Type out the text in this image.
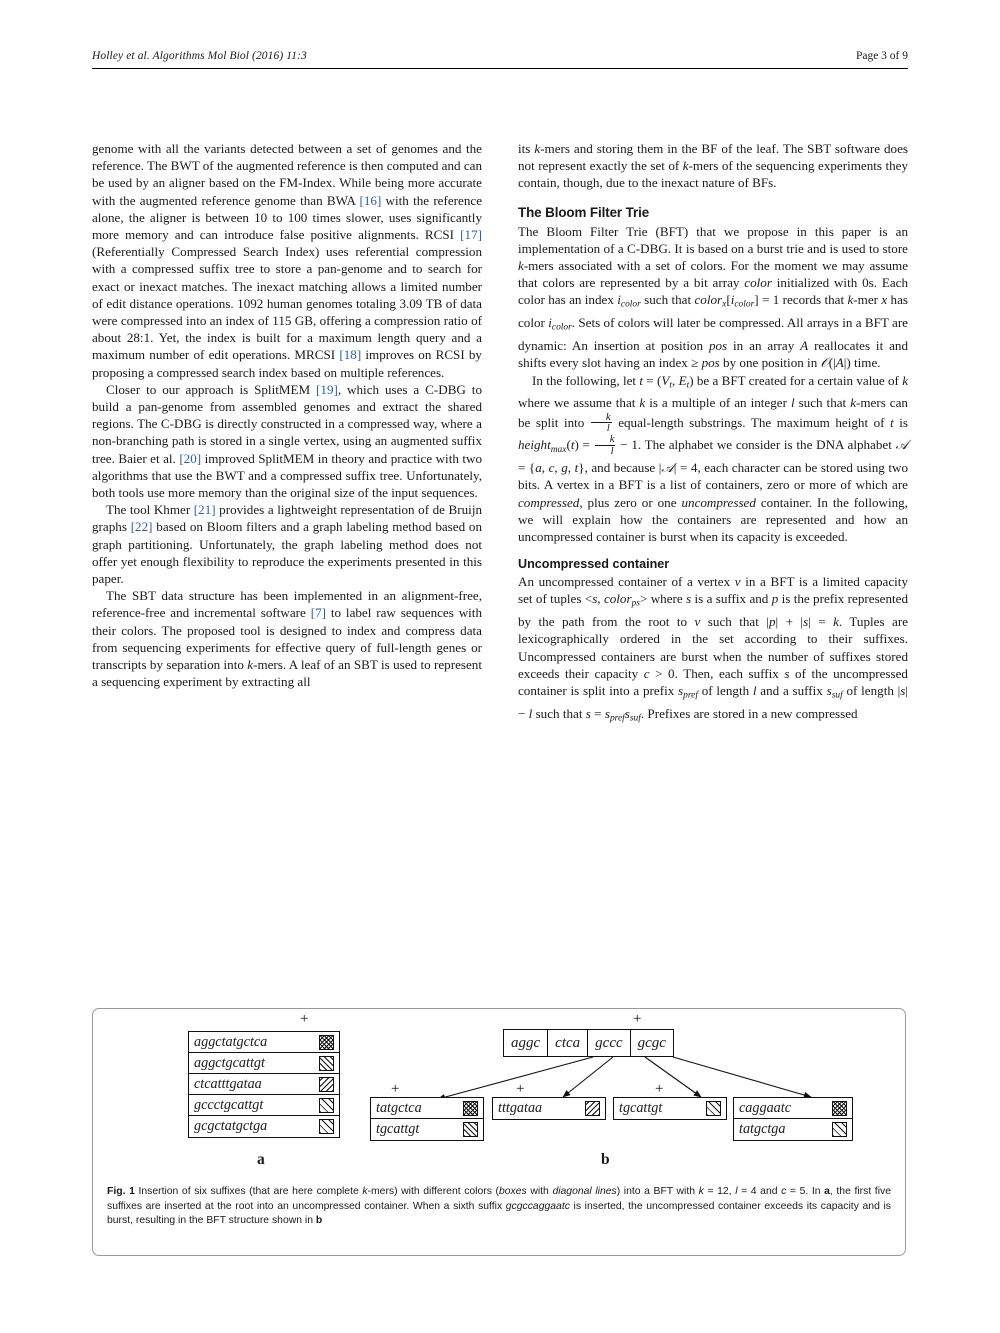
Holley et al. Algorithms Mol Biol (2016) 11:3	Page 3 of 9

genome with all the variants detected between a set of genomes and the reference. The BWT of the augmented reference is then computed and can be used by an aligner based on the FM-Index. While being more accurate with the augmented reference genome than BWA [16] with the reference alone, the aligner is between 10 to 100 times slower, uses significantly more memory and can introduce false positive alignments. RCSI [17] (Referentially Compressed Search Index) uses referential compression with a compressed suffix tree to store a pan-genome and to search for exact or inexact matches. The inexact matching allows a limited number of edit distance operations. 1092 human genomes totaling 3.09 TB of data were compressed into an index of 115 GB, offering a compression ratio of about 28:1. Yet, the index is built for a maximum length query and a maximum number of edit operations. MRCSI [18] improves on RCSI by proposing a compressed search index based on multiple references.

Closer to our approach is SplitMEM [19], which uses a C-DBG to build a pan-genome from assembled genomes and extract the shared regions. The C-DBG is directly constructed in a compressed way, where a non-branching path is stored in a single vertex, using an augmented suffix tree. Baier et al. [20] improved SplitMEM in theory and practice with two algorithms that use the BWT and a compressed suffix tree. Unfortunately, both tools use more memory than the original size of the input sequences.

The tool Khmer [21] provides a lightweight representation of de Bruijn graphs [22] based on Bloom filters and a graph labeling method based on graph partitioning. Unfortunately, the graph labeling method does not offer yet enough flexibility to reproduce the experiments presented in this paper.

The SBT data structure has been implemented in an alignment-free, reference-free and incremental software [7] to label raw sequences with their colors. The proposed tool is designed to index and compress data from sequencing experiments for effective query of full-length genes or transcripts by separation into k-mers. A leaf of an SBT is used to represent a sequencing experiment by extracting all

its k-mers and storing them in the BF of the leaf. The SBT software does not represent exactly the set of k-mers of the sequencing experiments they contain, though, due to the inexact nature of BFs.

The Bloom Filter Trie

The Bloom Filter Trie (BFT) that we propose in this paper is an implementation of a C-DBG. It is based on a burst trie and is used to store k-mers associated with a set of colors. For the moment we may assume that colors are represented by a bit array color initialized with 0s. Each color has an index $i_{color}$ such that $color_x[i_{color}] = 1$ records that k-mer x has color $i_{color}$. Sets of colors will later be compressed. All arrays in a BFT are dynamic: An insertion at position pos in an array A reallocates it and shifts every slot having an index ≥ pos by one position in 𝒪(|A|) time.

In the following, let $t = (V_t$, $E_t$) be a BFT created for a certain value of k where we assume that k is a multiple of an integer l such that k-mers can be split into $\frac{k}{l}$ equal-length substrings. The maximum height of t is height$_{max}$(t) = $\frac{k}{l} - 1$. The alphabet we consider is the DNA alphabet 𝒜 = {a, c, g, t}, and because |𝒜| = 4, each character can be stored using two bits. A vertex in a BFT is a list of containers, zero or more of which are compressed, plus zero or one uncompressed container. In the following, we will explain how the containers are represented and how an uncompressed container is burst when its capacity is exceeded.

Uncompressed container

An uncompressed container of a vertex v in a BFT is a limited capacity set of tuples <s, color$_{ps}$> where s is a suffix and p is the prefix represented by the path from the root to v such that |p| + |s| = k. Tuples are lexicographically ordered in the set according to their suffixes. Uncompressed containers are burst when the number of suffixes stored exceeds their capacity c > 0. Then, each suffix s of the uncompressed container is split into a prefix $s_{pref}$ of length l and a suffix $s_{suf}$ of length |s| − l such that $s = s_{pref}s_{suf}$. Prefixes are stored in a new compressed

+
aggctatgctca
aggctgcattgt
ctcatttgataa
gccctgcattgt
gcgctatgctga
a
+
aggc	ctca	gccc	gcgc
+
tatgctca
tgcattgt
+
tttgataa
+
tgcattgt	caggaatc
tatgctga
b
Fig. 1 Insertion of six suffixes (that are here complete k-mers) with different colors (boxes with diagonal lines) into a BFT with k = 12, l = 4 and c = 5. In a, the first five suffixes are inserted at the root into an uncompressed container. When a sixth suffix gcgccaggaatc is inserted, the uncompressed container exceeds its capacity and is burst, resulting in the BFT structure shown in b
